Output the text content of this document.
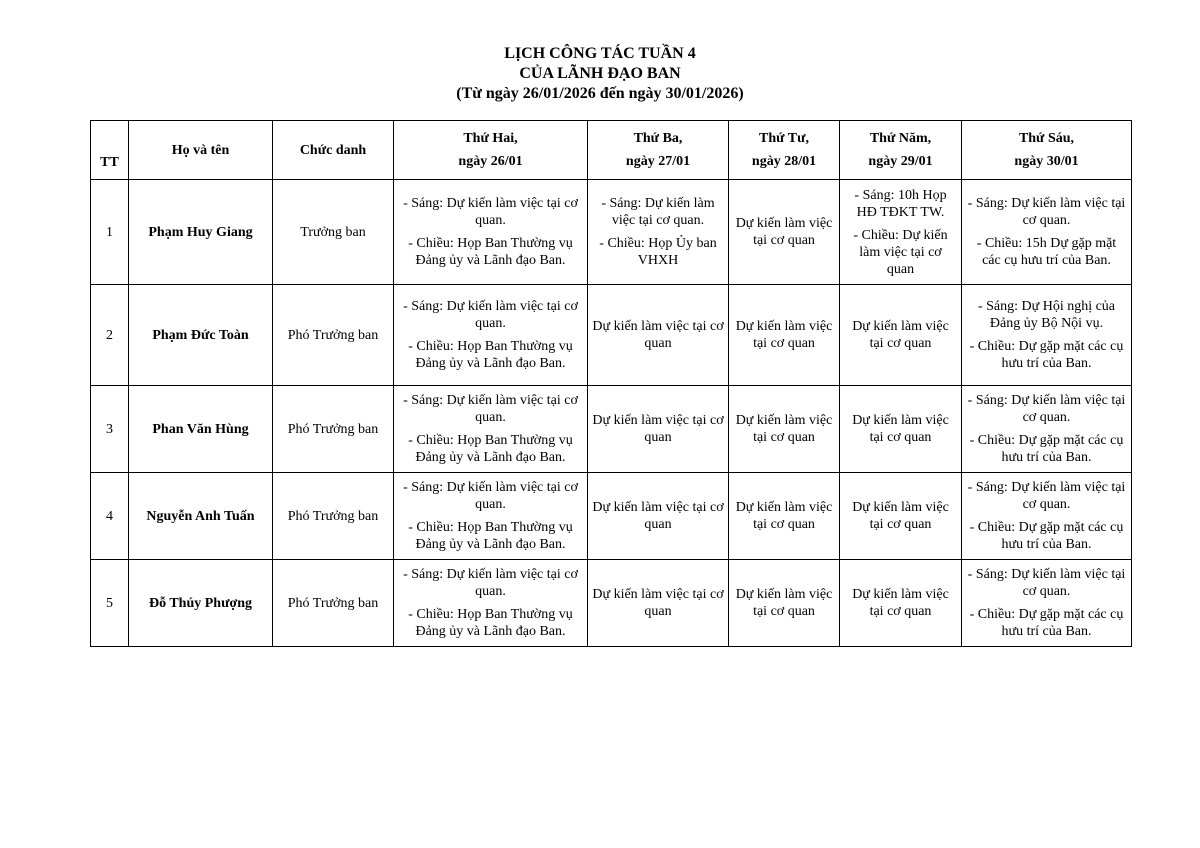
LỊCH CÔNG TÁC TUẦN 4
CỦA LÃNH ĐẠO BAN
(Từ ngày 26/01/2026 đến ngày 30/01/2026)
TT	Họ và tên	Chức danh	Thứ Hai,
ngày 26/01	Thứ Ba,
ngày 27/01	Thứ Tư,
ngày 28/01	Thứ Năm,
ngày 29/01	Thứ Sáu,
ngày 30/01

1	Phạm Huy Giang	Trưởng ban	- Sáng: Dự kiến làm việc tại cơ quan.
- Chiều: Họp Ban Thường vụ Đảng ủy và Lãnh đạo Ban.	- Sáng: Dự kiến làm việc tại cơ quan.
- Chiều: Họp Ủy ban VHXH	Dự kiến làm việc tại cơ quan	- Sáng: 10h Họp HĐ TĐKT TW.
- Chiều: Dự kiến làm việc tại cơ quan	- Sáng: Dự kiến làm việc tại cơ quan.
- Chiều: 15h Dự gặp mặt các cụ hưu trí của Ban.

2	Phạm Đức Toàn	Phó Trưởng ban	- Sáng: Dự kiến làm việc tại cơ quan.
- Chiều: Họp Ban Thường vụ Đảng ủy và Lãnh đạo Ban.	Dự kiến làm việc tại cơ quan	Dự kiến làm việc tại cơ quan	Dự kiến làm việc tại cơ quan	- Sáng: Dự Hội nghị của Đảng ủy Bộ Nội vụ.
- Chiều: Dự gặp mặt các cụ hưu trí của Ban.

3	Phan Văn Hùng	Phó Trưởng ban	- Sáng: Dự kiến làm việc tại cơ quan.
- Chiều: Họp Ban Thường vụ Đảng ủy và Lãnh đạo Ban.	Dự kiến làm việc tại cơ quan	Dự kiến làm việc tại cơ quan	Dự kiến làm việc tại cơ quan	- Sáng: Dự kiến làm việc tại cơ quan.
- Chiều: Dự gặp mặt các cụ hưu trí của Ban.

4	Nguyễn Anh Tuấn	Phó Trưởng ban	- Sáng: Dự kiến làm việc tại cơ quan.
- Chiều: Họp Ban Thường vụ Đảng ủy và Lãnh đạo Ban.	Dự kiến làm việc tại cơ quan	Dự kiến làm việc tại cơ quan	Dự kiến làm việc tại cơ quan	- Sáng: Dự kiến làm việc tại cơ quan.
- Chiều: Dự gặp mặt các cụ hưu trí của Ban.

5	Đỗ Thúy Phượng	Phó Trưởng ban	- Sáng: Dự kiến làm việc tại cơ quan.
- Chiều: Họp Ban Thường vụ Đảng ủy và Lãnh đạo Ban.	Dự kiến làm việc tại cơ quan	Dự kiến làm việc tại cơ quan	Dự kiến làm việc tại cơ quan	- Sáng: Dự kiến làm việc tại cơ quan.
- Chiều: Dự gặp mặt các cụ hưu trí của Ban.
